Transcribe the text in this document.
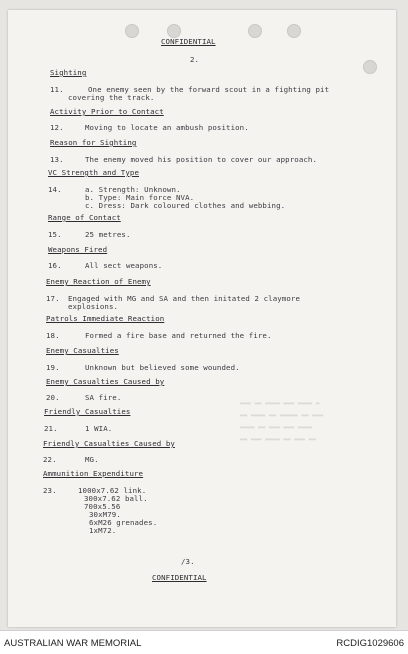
▬▬▬ ▬▬ ▬▬▬▬ ▬▬▬ ▬▬▬▬ ▬
▬▬ ▬▬▬▬ ▬▬ ▬▬▬▬▬ ▬▬ ▬▬▬
▬▬▬▬ ▬▬ ▬▬▬ ▬▬▬ ▬▬▬▬
▬▬ ▬▬▬ ▬▬▬▬ ▬▬ ▬▬▬ ▬▬
CONFIDENTIAL
2.
Sighting
11.	One enemy seen by the forward scout in a fighting pit
covering the track.
Activity Prior to Contact
12.	Moving to locate an ambush position.
Reason for Sighting
13.	The enemy moved his position to cover our approach.
VC Strength and Type
14.	a. Strength: Unknown.
b. Type: Main force NVA.
c. Dress: Dark coloured clothes and webbing.
Range of Contact
15.	25 metres.
Weapons Fired
16.	All sect weapons.
Enemy Reaction of Enemy
17. Engaged with MG and SA and then initated 2 claymore
explosions.
Patrols Immediate Reaction
18.	Formed a fire base and returned the fire.
Enemy Casualties
19.	Unknown but believed some wounded.
Enemy Casualties Caused by
20.	SA fire.
Friendly Casualties
21.	1 WIA.
Friendly Casualties Caused by
22.	MG.
Ammunition Expenditure
23.	1000x7.62 link.
300x7.62 ball.
700x5.56
30xM79.
6xM26 grenades.
1xM72.
/3.
CONFIDENTIAL
AUSTRALIAN WAR MEMORIAL	RCDIG1029606
